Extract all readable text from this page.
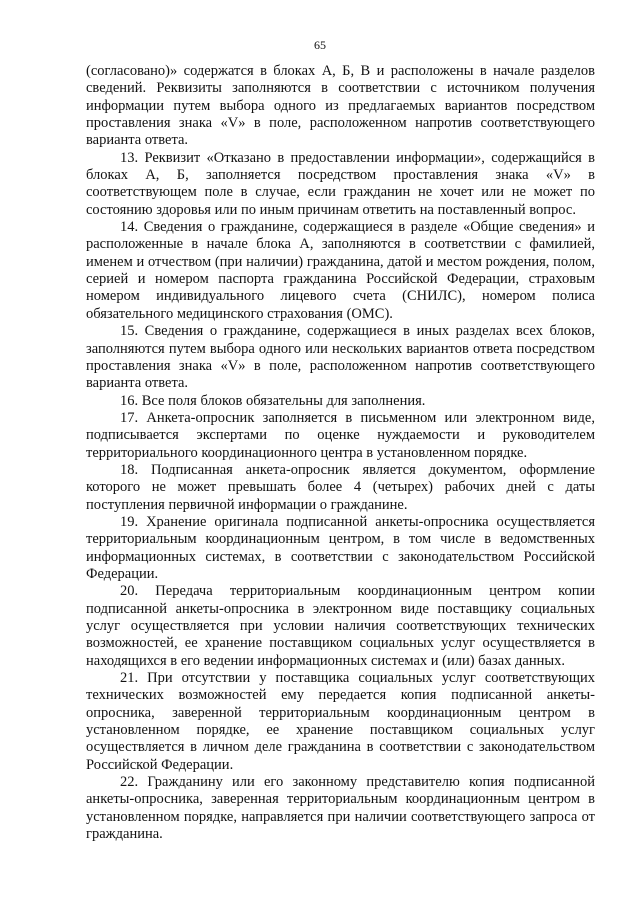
65

(согласовано)» содержатся в блоках А, Б, В и расположены в начале разделов сведений. Реквизиты заполняются в соответствии с источником получения информации путем выбора одного из предлагаемых вариантов посредством проставления знака «V» в поле, расположенном напротив соответствующего варианта ответа.

13. Реквизит «Отказано в предоставлении информации», содержащийся в блоках А, Б, заполняется посредством проставления знака «V» в соответствующем поле в случае, если гражданин не хочет или не может по состоянию здоровья или по иным причинам ответить на поставленный вопрос.

14. Сведения о гражданине, содержащиеся в разделе «Общие сведения» и расположенные в начале блока А, заполняются в соответствии с фамилией, именем и отчеством (при наличии) гражданина, датой и местом рождения, полом, серией и номером паспорта гражданина Российской Федерации, страховым номером индивидуального лицевого счета (СНИЛС), номером полиса обязательного медицинского страхования (ОМС).

15. Сведения о гражданине, содержащиеся в иных разделах всех блоков, заполняются путем выбора одного или нескольких вариантов ответа посредством проставления знака «V» в поле, расположенном напротив соответствующего варианта ответа.

16. Все поля блоков обязательны для заполнения.

17. Анкета-опросник заполняется в письменном или электронном виде, подписывается экспертами по оценке нуждаемости и руководителем территориального координационного центра в установленном порядке.

18. Подписанная анкета-опросник является документом, оформление которого не может превышать более 4 (четырех) рабочих дней с даты поступления первичной информации о гражданине.

19. Хранение оригинала подписанной анкеты-опросника осуществляется территориальным координационным центром, в том числе в ведомственных информационных системах, в соответствии с законодательством Российской Федерации.

20. Передача территориальным координационным центром копии подписанной анкеты-опросника в электронном виде поставщику социальных услуг осуществляется при условии наличия соответствующих технических возможностей, ее хранение поставщиком социальных услуг осуществляется в находящихся в его ведении информационных системах и (или) базах данных.

21. При отсутствии у поставщика социальных услуг соответствующих технических возможностей ему передается копия подписанной анкеты-опросника, заверенной территориальным координационным центром в установленном порядке, ее хранение поставщиком социальных услуг осуществляется в личном деле гражданина в соответствии с законодательством Российской Федерации.

22. Гражданину или его законному представителю копия подписанной анкеты-опросника, заверенная территориальным координационным центром в установленном порядке, направляется при наличии соответствующего запроса от гражданина.
